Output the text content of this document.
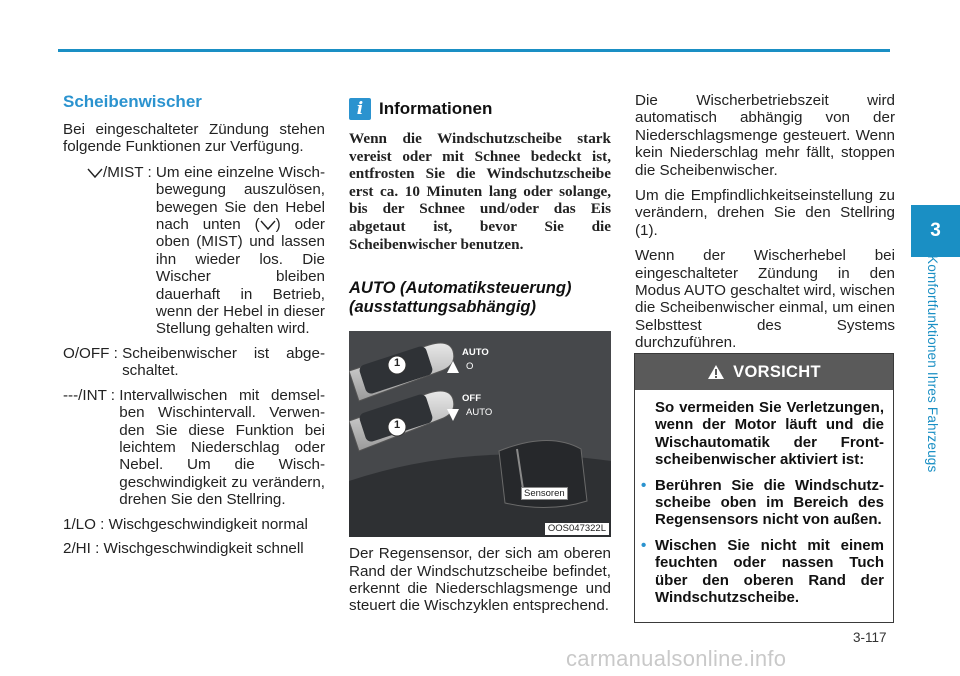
Scheibenwischer

Bei eingeschalteter Zündung stehen folgende Funktionen zur Verfügung.

/MIST : Um eine einzelne Wischbewegung auszulösen, bewegen Sie den Hebel nach unten ( ) oder oben (MIST) und lassen ihn wieder los. Die Wischer bleiben dauerhaft in Betrieb, wenn der Hebel in dieser Stellung gehalten wird.
O/OFF :
Scheibenwischer ist abgeschaltet.
---/INT :
Intervallwischen mit demselben Wischintervall. Verwenden Sie diese Funktion bei leichtem Niederschlag oder Nebel. Um die Wischgeschwindigkeit zu verändern, drehen Sie den Stellring.
1/LO :
Wischgeschwindigkeit normal
2/HI :
Wischgeschwindigkeit schnell
i Informationen

Wenn die Windschutzscheibe stark vereist oder mit Schnee bedeckt ist, entfrosten Sie die Windschutzscheibe erst ca. 10 Minuten lang oder solange, bis der Schnee und/oder das Eis abgetaut ist, bevor Sie die Scheibenwischer benutzen.

AUTO (Automatiksteuerung) (ausstattungsabhängig)
AUTO
O
OFF
AUTO
1
1
Sensoren
OOS047322L

Der Regensensor, der sich am oberen Rand der Windschutzscheibe befindet, erkennt die Niederschlagsmenge und steuert die Wischzyklen entsprechend.

Die Wischerbetriebszeit wird automatisch abhängig von der Niederschlagsmenge gesteuert. Wenn kein Niederschlag mehr fällt, stoppen die Scheibenwischer.

Um die Empfindlichkeitseinstellung zu verändern, drehen Sie den Stellring (1).

Wenn der Wischerhebel bei eingeschalteter Zündung in den Modus AUTO geschaltet wird, wischen die Scheibenwischer einmal, um einen Selbsttest des Systems durchzuführen.

VORSICHT

So vermeiden Sie Verletzungen, wenn der Motor läuft und die Wischautomatik der Frontscheibenwischer aktiviert ist:

• Berühren Sie die Windschutzscheibe oben im Bereich des Regensensors nicht von außen.
• Wischen Sie nicht mit einem feuchten oder nassen Tuch über den oberen Rand der Windschutzscheibe.
3
Komfortfunktionen Ihres Fahrzeugs
3-117
carmanualsonline.info
